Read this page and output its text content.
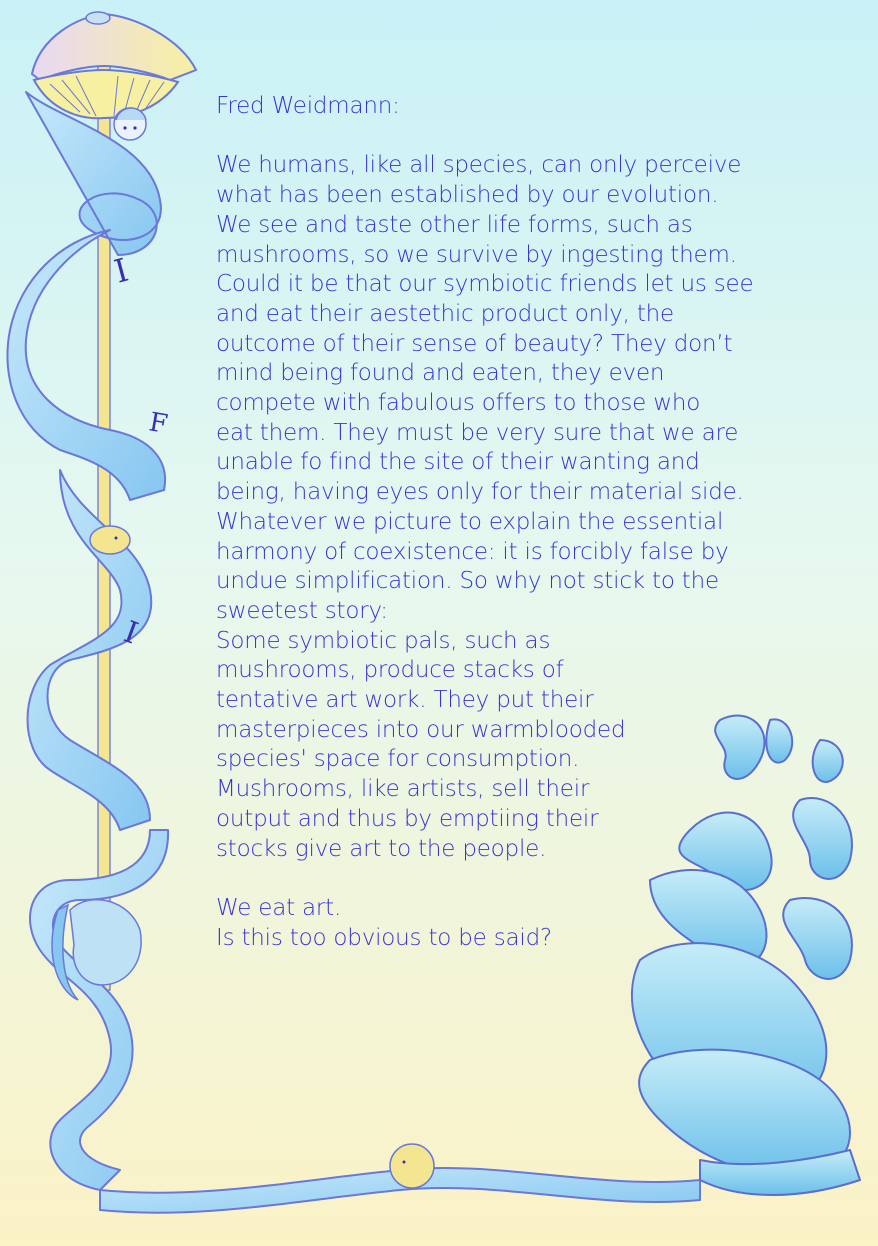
I
F
I
Fred Weidmann:
We humans, like all species, can only perceive
what has been established by our evolution.
We see and taste other life forms, such as
mushrooms, so we survive by ingesting them.
Could it be that our symbiotic friends let us see
and eat their aestethic product only, the
outcome of their sense of beauty? They don’t
mind being found and eaten, they even
compete with fabulous offers to those who
eat them. They must be very sure that we are
unable fo find the site of their wanting and
being, having eyes only for their material side.
Whatever we picture to explain the essential
harmony of coexistence: it is forcibly false by
undue simplification. So why not stick to the
sweetest story:
Some symbiotic pals, such as
mushrooms, produce stacks of
tentative art work. They put their
masterpieces into our warmblooded
species' space for consumption.
Mushrooms, like artists, sell their
output and thus by emptiing their
stocks give art to the people.
We eat art.
Is this too obvious to be said?
